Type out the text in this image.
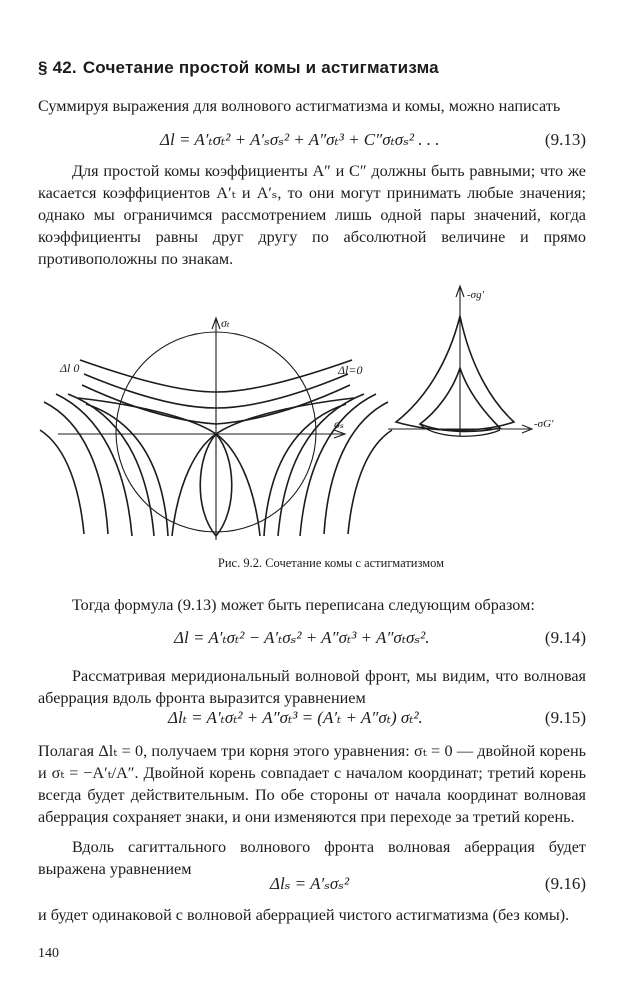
§ 42. Сочетание простой комы и астигматизма

Суммируя выражения для волнового астигматизма и комы, можно написать

Δl = A′ₜσₜ² + A′ₛσₛ² + A″σₜ³ + C″σₜσₛ² . . .	(9.13)

Для простой комы коэффициенты A″ и C″ должны быть равными; что же касается коэффициентов A′ₜ и A′ₛ, то они могут принимать любые значения; однако мы ограничимся рассмотрением лишь одной пары значений, когда коэффициенты равны друг другу по абсолютной величине и прямо противоположны по знакам.

σₜ
σₛ
Δl 0	Δl=0
-σg′
-σG′
Рис. 9.2. Сочетание комы с астигматизмом

Тогда формула (9.13) может быть переписана следующим образом:

Δl = A′ₜσₜ² − A′ₜσₛ² + A″σₜ³ + A″σₜσₛ².	(9.14)

Рассматривая меридиональный волновой фронт, мы видим, что волновая аберрация вдоль фронта выразится уравнением

Δlₜ = A′ₜσₜ² + A″σₜ³ = (A′ₜ + A″σₜ) σₜ².	(9.15)

Полагая Δlₜ = 0, получаем три корня этого уравнения: σₜ = 0 — двойной корень и σₜ = −A′ₜ/A″. Двойной корень совпадает с началом координат; третий корень всегда будет действительным. По обе стороны от начала координат волновая аберрация сохраняет знаки, и они изменяются при переходе за третий корень.

Вдоль сагиттального волнового фронта волновая аберрация будет выражена уравнением

Δlₛ = A′ₛσₛ²	(9.16)

и будет одинаковой с волновой аберрацией чистого астигматизма (без комы).

140
